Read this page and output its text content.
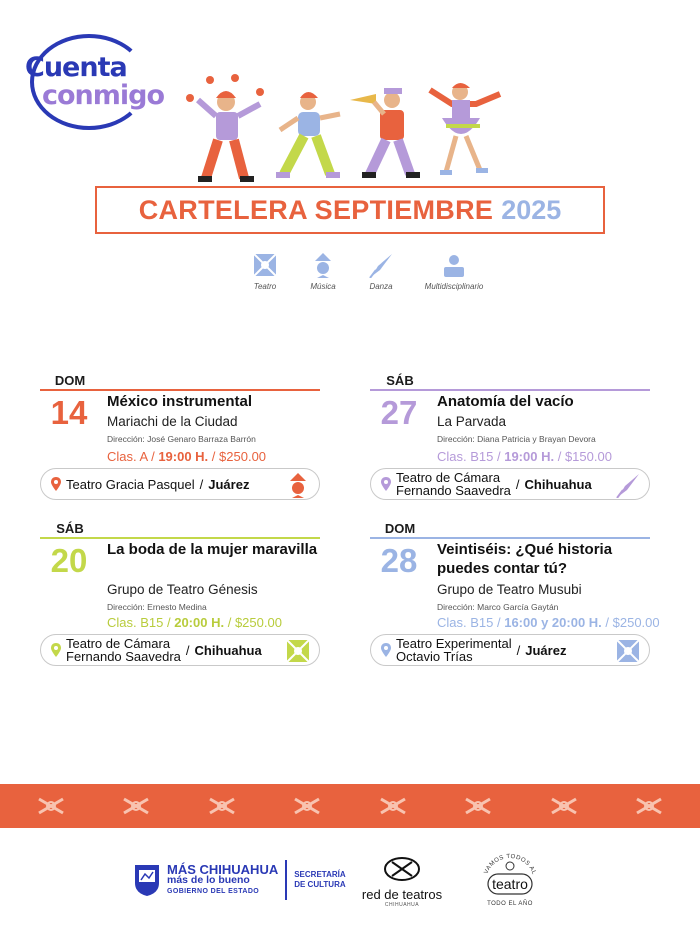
Cuenta
conmigo
CARTELERA SEPTIEMBRE 2025
Teatro	Música	Danza	Multidisciplinario
DOM
14	México instrumental
Mariachi de la Ciudad
Dirección: José Genaro Barraza Barrón
Clas. A / 19:00 H. / $250.00
Teatro Gracia Pasquel / Juárez
SÁB
27	Anatomía del vacío
La Parvada
Dirección: Diana Patricia y Brayan Devora
Clas. B15 / 19:00 H. / $150.00
Teatro de Cámara
Fernando Saavedra / Chihuahua
SÁB
20	La boda de la mujer maravilla
Grupo de Teatro Génesis
Dirección: Ernesto Medina
Clas. B15 / 20:00 H. / $250.00
Teatro de Cámara
Fernando Saavedra / Chihuahua
DOM
28	Veintiséis: ¿Qué historia puedes contar tú?
Grupo de Teatro Musubi
Dirección: Marco García Gaytán
Clas. B15 / 16:00 y 20:00 H. / $250.00
Teatro Experimental
Octavio Trías	/ Juárez
MÁS CHIHUAHUA
más de lo bueno
GOBIERNO DEL ESTADO
SECRETARÍA
DE CULTURA
red de teatros
CHIHUAHUA
VAMOS TODOS AL
teatro
TODO EL AÑO
